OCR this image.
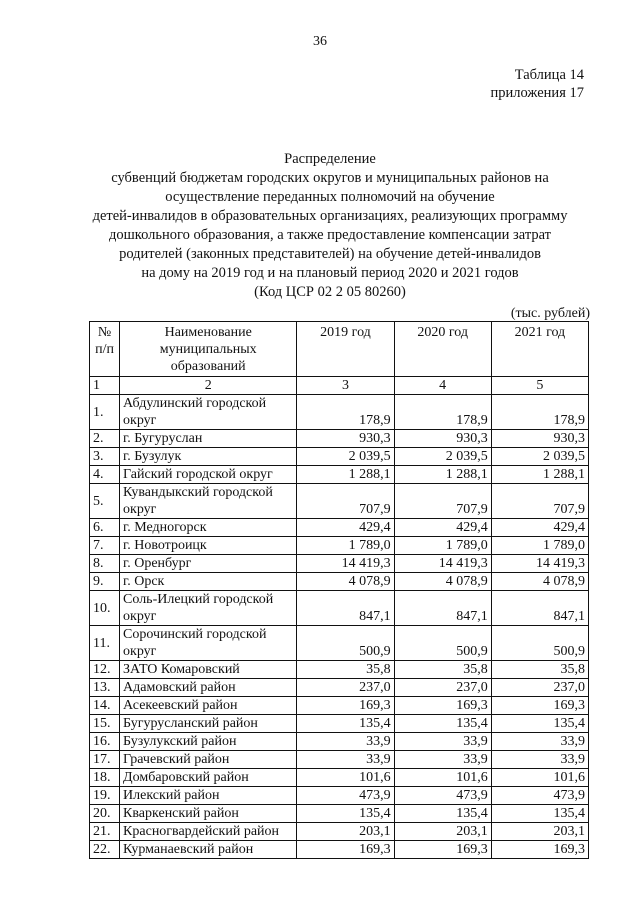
36
Таблица 14
приложения 17
Распределение
субвенций бюджетам городских округов и муниципальных районов на
осуществление переданных полномочий на обучение
детей-инвалидов в образовательных организациях, реализующих программу
дошкольного образования, а также предоставление компенсации затрат
родителей (законных представителей) на обучение детей-инвалидов
на дому на 2019 год и на плановый период 2020 и 2021 годов
(Код ЦСР 02 2 05 80260)
(тыс. рублей)
№ п/п	Наименование муниципальных образований	2019 год	2020 год	2021 год
1	2	3	4	5
1.	Абдулинский городской округ	178,9	178,9	178,9
2.	г. Бугуруслан	930,3	930,3	930,3
3.	г. Бузулук	2 039,5	2 039,5	2 039,5
4.	Гайский городской округ	1 288,1	1 288,1	1 288,1
5.	Кувандыкский городской округ	707,9	707,9	707,9
6.	г. Медногорск	429,4	429,4	429,4
7.	г. Новотроицк	1 789,0	1 789,0	1 789,0
8.	г. Оренбург	14 419,3	14 419,3	14 419,3
9.	г. Орск	4 078,9	4 078,9	4 078,9
10.	Соль-Илецкий городской округ	847,1	847,1	847,1
11.	Сорочинский городской округ	500,9	500,9	500,9
12.	ЗАТО Комаровский	35,8	35,8	35,8
13.	Адамовский район	237,0	237,0	237,0
14.	Асекеевский район	169,3	169,3	169,3
15.	Бугурусланский район	135,4	135,4	135,4
16.	Бузулукский район	33,9	33,9	33,9
17.	Грачевский район	33,9	33,9	33,9
18.	Домбаровский район	101,6	101,6	101,6
19.	Илекский район	473,9	473,9	473,9
20.	Кваркенский район	135,4	135,4	135,4
21.	Красногвардейский район	203,1	203,1	203,1
22.	Курманаевский район	169,3	169,3	169,3
